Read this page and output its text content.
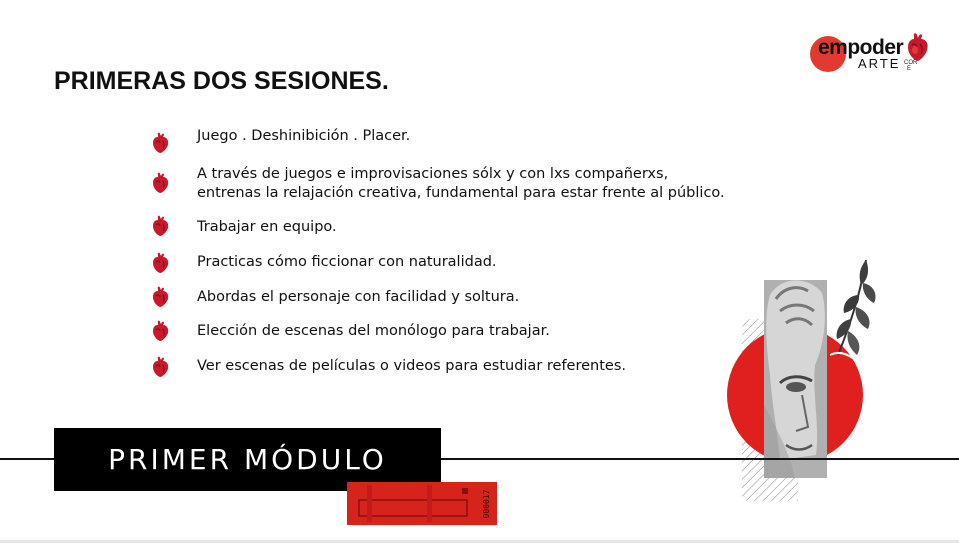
empoder
ARTE COR
E
PRIMERAS DOS SESIONES.
Juego . Deshinibición . Placer.
A través de juegos e improvisaciones sólx y con lxs compañerxs,
entrenas la relajación creativa, fundamental para estar frente al público.
Trabajar en equipo.
Practicas cómo ficcionar con naturalidad.
Abordas el personaje con facilidad y soltura.
Elección de escenas del monólogo para trabajar.
Ver escenas de películas o videos para estudiar referentes.
PRIMER MÓDULO
000017
